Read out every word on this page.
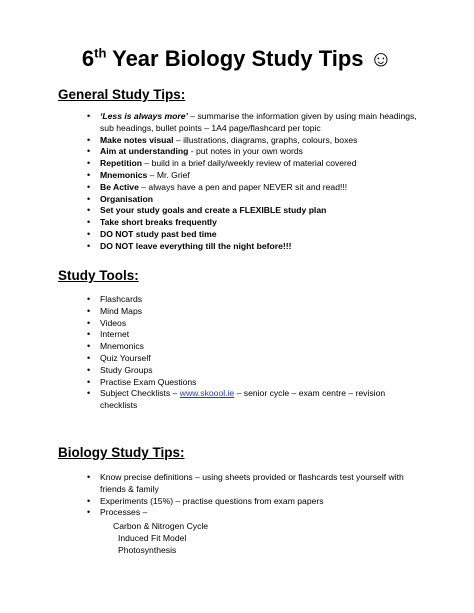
6th Year Biology Study Tips ☺
General Study Tips:
• ‘Less is always more’ – summarise the information given by using main headings,
sub headings, bullet points – 1A4 page/flashcard per topic
• Make notes visual – illustrations, diagrams, graphs, colours, boxes
• Aim at understanding - put notes in your own words
• Repetition – build in a brief daily/weekly review of material covered
• Mnemonics – Mr. Grief
• Be Active – always have a pen and paper NEVER sit and read!!!
• Organisation
• Set your study goals and create a FLEXIBLE study plan
• Take short breaks frequently
• DO NOT study past bed time
• DO NOT leave everything till the night before!!!
Study Tools:
• Flashcards
• Mind Maps
• Videos
• Internet
• Mnemonics
• Quiz Yourself
• Study Groups
• Practise Exam Questions
• Subject Checklists – www.skoool.ie – senior cycle – exam centre – revision
checklists
Biology Study Tips:
• Know precise definitions – using sheets provided or flashcards test yourself with
friends & family
• Experiments (15%) – practise questions from exam papers
• Processes –
Carbon & Nitrogen Cycle
Induced Fit Model
Photosynthesis
